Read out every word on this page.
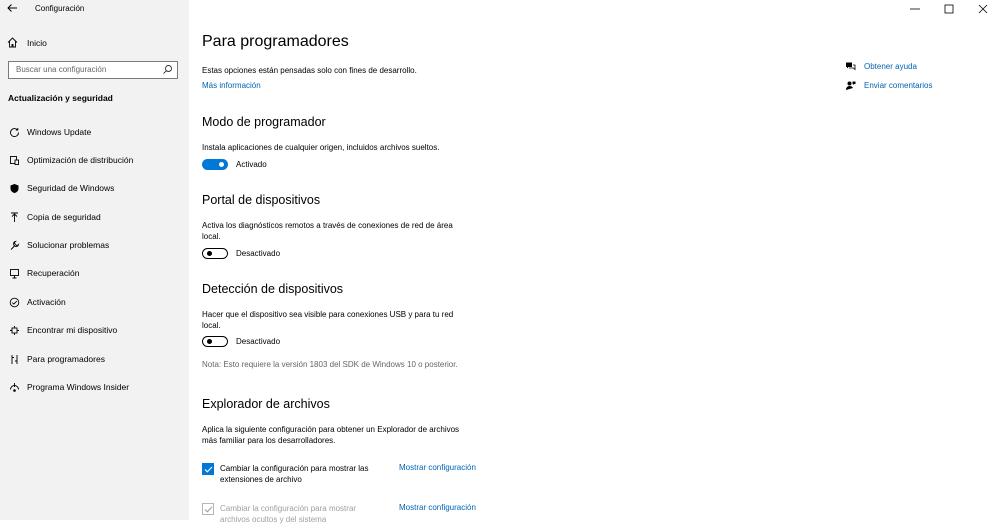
Configuración
Inicio
Buscar una configuración
Actualización y seguridad
Windows Update
Optimización de distribución
Seguridad de Windows
Copia de seguridad
Solucionar problemas
Recuperación
Activación
Encontrar mi dispositivo
Para programadores
Programa Windows Insider
Para programadores
Estas opciones están pensadas solo con fines de desarrollo.
Más información
Modo de programador
Instala aplicaciones de cualquier origen, incluidos archivos sueltos.
Activado
Portal de dispositivos
Activa los diagnósticos remotos a través de conexiones de red de área local.
Desactivado
Detección de dispositivos
Hacer que el dispositivo sea visible para conexiones USB y para tu red local.
Desactivado
Nota: Esto requiere la versión 1803 del SDK de Windows 10 o posterior.
Explorador de archivos
Aplica la siguiente configuración para obtener un Explorador de archivos más familiar para los desarrolladores.
Cambiar la configuración para mostrar las extensiones de archivo
Mostrar configuración
Cambiar la configuración para mostrar archivos ocultos y del sistema
Mostrar configuración
Obtener ayuda
Enviar comentarios
